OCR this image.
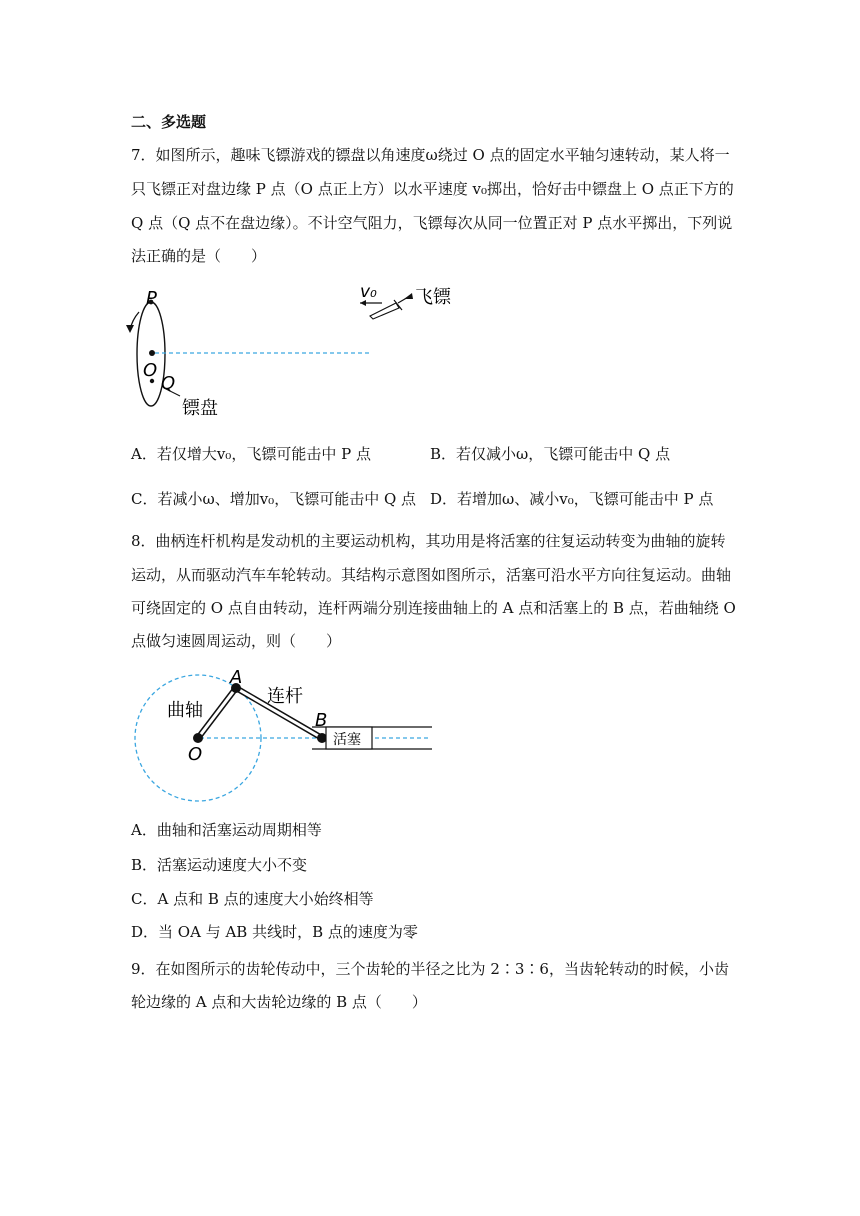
二、多选题
7．如图所示，趣味飞镖游戏的镖盘以角速度ω绕过 O 点的固定水平轴匀速转动，某人将一
只飞镖正对盘边缘 P 点（O 点正上方）以水平速度 v₀掷出，恰好击中镖盘上 O 点正下方的
Q 点（Q 点不在盘边缘）。不计空气阻力，飞镖每次从同一位置正对 P 点水平掷出，下列说
法正确的是（　　）
P
O
Q
镖盘
v₀ 飞镖
A．若仅增大v₀，飞镖可能击中 P 点	B．若仅减小ω，飞镖可能击中 Q 点
C．若减小ω、增加v₀，飞镖可能击中 Q 点 D．若增加ω、减小v₀，飞镖可能击中 P 点
8．曲柄连杆机构是发动机的主要运动机构，其功用是将活塞的往复运动转变为曲轴的旋转
运动，从而驱动汽车车轮转动。其结构示意图如图所示，活塞可沿水平方向往复运动。曲轴
可绕固定的 O 点自由转动，连杆两端分别连接曲轴上的 A 点和活塞上的 B 点，若曲轴绕 O
点做匀速圆周运动，则（　　）
活塞
曲轴
连杆
A
B
O
A．曲轴和活塞运动周期相等
B．活塞运动速度大小不变
C．A 点和 B 点的速度大小始终相等
D．当 OA 与 AB 共线时，B 点的速度为零
9．在如图所示的齿轮传动中，三个齿轮的半径之比为 2∶3∶6，当齿轮转动的时候，小齿
轮边缘的 A 点和大齿轮边缘的 B 点（　　）
